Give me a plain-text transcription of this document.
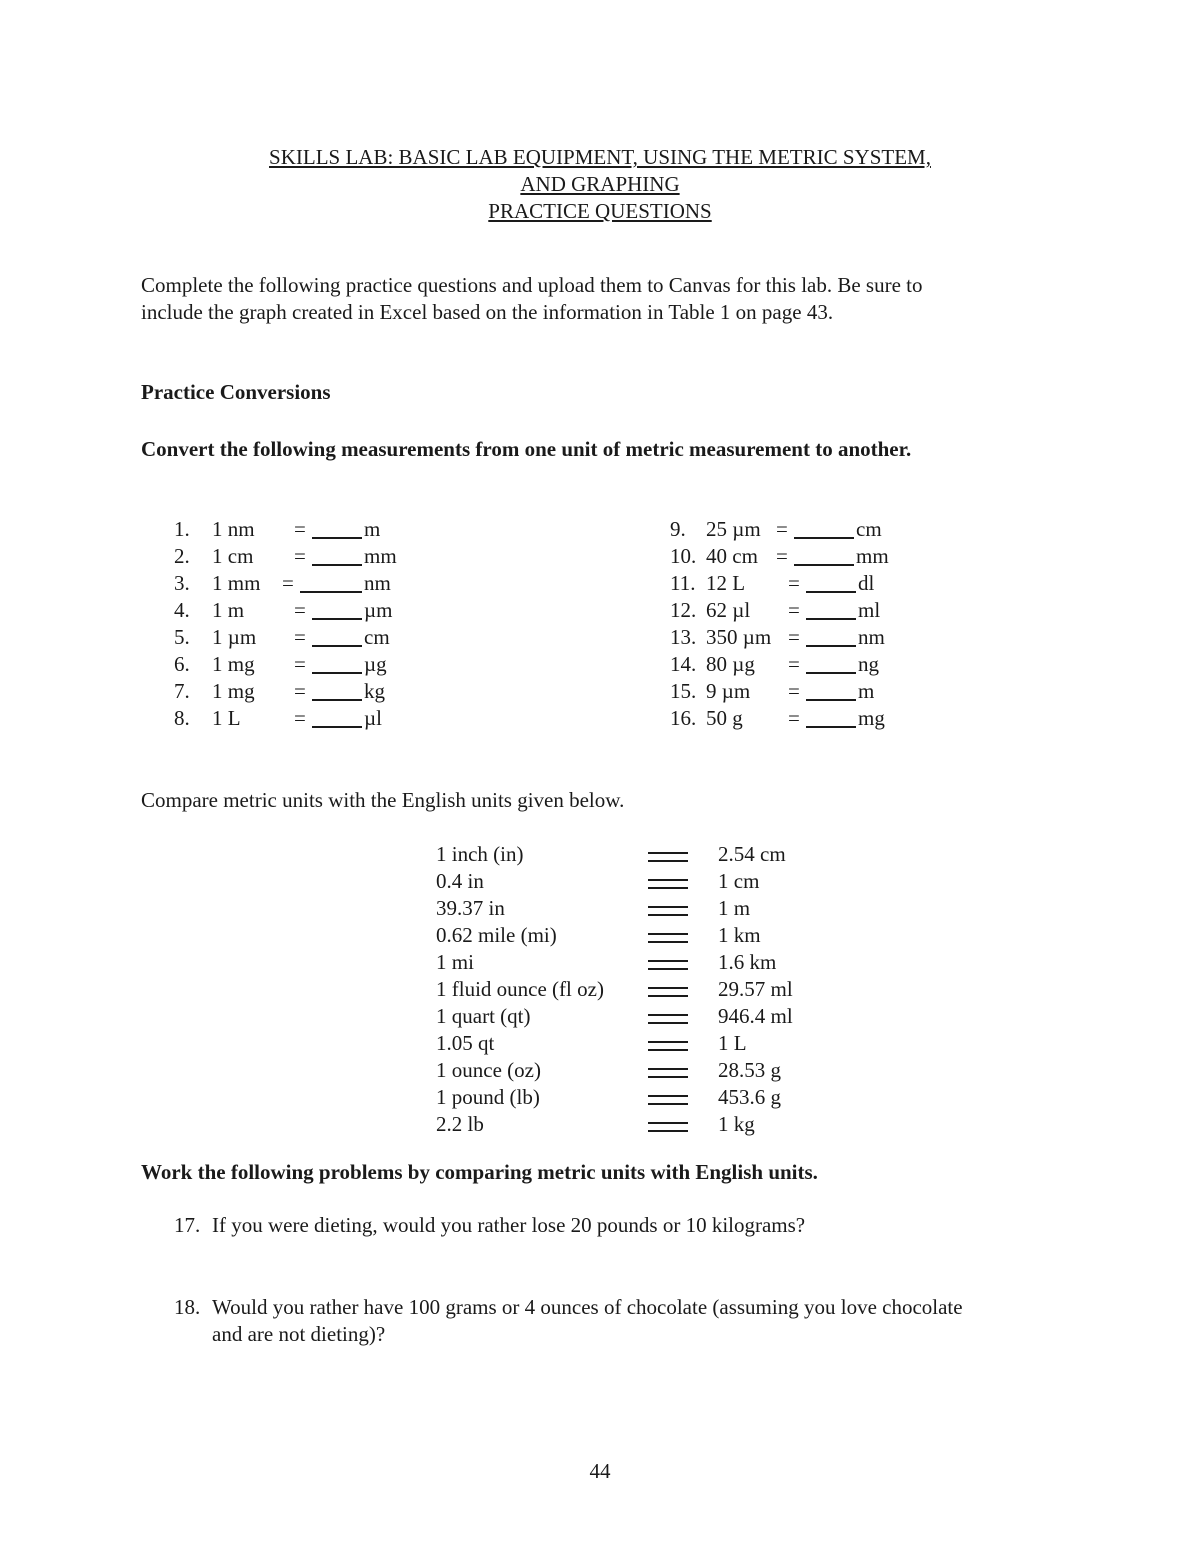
SKILLS LAB: BASIC LAB EQUIPMENT, USING THE METRIC SYSTEM,
AND GRAPHING
PRACTICE QUESTIONS
Complete the following practice questions and upload them to Canvas for this lab. Be sure to include the graph created in Excel based on the information in Table 1 on page 43.
Practice Conversions
Convert the following measurements from one unit of metric measurement to another.
1. 1 nm =	m
2. 1 cm =	mm
3. 1 mm =	nm
4. 1 m =	µm
5. 1 µm =	cm
6. 1 mg =	µg
7. 1 mg =	kg
8. 1 L	=	µl
9. 25 µm =	cm
10. 40 cm =	mm
11. 12 L =	dl
12. 62 µl =	ml
13. 350 µm =	nm
14. 80 µg =	ng
15. 9 µm =	m
16. 50 g =	mg
Compare metric units with the English units given below.
1 inch (in)	2.54 cm
0.4 in	1 cm
39.37 in	1 m
0.62 mile (mi)	1 km
1 mi	1.6 km
1 fluid ounce (fl oz)	29.57 ml
1 quart (qt)	946.4 ml
1.05 qt	1 L
1 ounce (oz)	28.53 g
1 pound (lb)	453.6 g
2.2 lb	1 kg
Work the following problems by comparing metric units with English units.
17. If you were dieting, would you rather lose 20 pounds or 10 kilograms?
18. Would you rather have 100 grams or 4 ounces of chocolate (assuming you love chocolate and are not dieting)?
44
